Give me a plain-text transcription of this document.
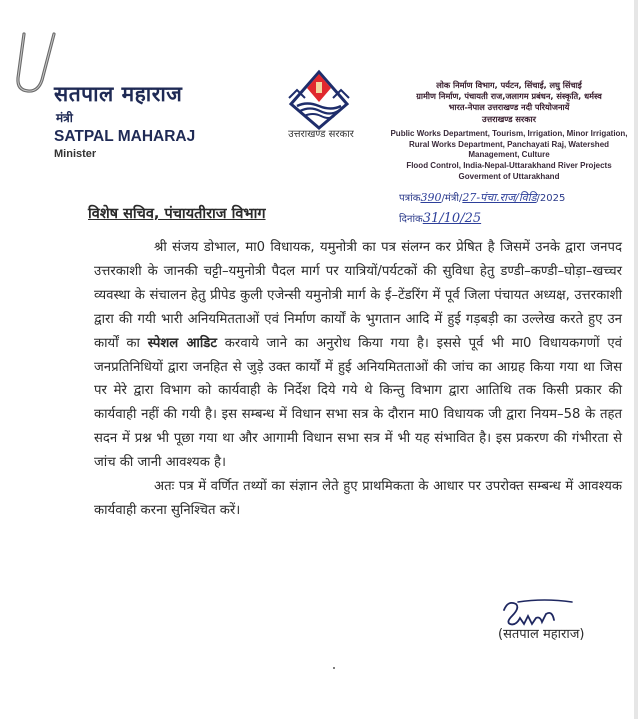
सतपाल महाराज
मंत्री
SATPAL MAHARAJ
Minister
उत्तराखण्ड सरकार
लोक निर्माण विभाग, पर्यटन, सिंचाई, लघु सिंचाई
ग्रामीण निर्माण, पंचायती राज,जलागम प्रबंधन, संस्कृति, धर्मस्व
भारत-नेपाल उत्तराखण्ड नदी परियोजनायें
उत्तराखण्ड सरकार
Public Works Department, Tourism, Irrigation, Minor Irrigation,
Rural Works Department, Panchayati Raj, Watershed Management, Culture
Flood Control, India-Nepal-Uttarakhand River Projects
Goverment of Uttarakhand
पत्रांक390/मंत्री/27-पंचा.राज/विडि/2025
दिनांक31/10/25
विशेष सचिव, पंचायतीराज विभाग

श्री संजय डोभाल, मा0 विधायक, यमुनोत्री का पत्र संलग्न कर प्रेषित है जिसमें उनके द्वारा जनपद उत्तरकाशी के जानकी चट्टी–यमुनोत्री पैदल मार्ग पर यात्रियों/पर्यटकों की सुविधा हेतु डण्डी–कण्डी–घोड़ा–खच्चर व्यवस्था के संचालन हेतु प्रीपेड कुली एजेन्सी यमुनोत्री मार्ग के ई–टेंडरिंग में पूर्व जिला पंचायत अध्यक्ष, उत्तरकाशी द्वारा की गयी भारी अनियमितताओं एवं निर्माण कार्यों के भुगतान आदि में हुई गड़बड़ी का उल्लेख करते हुए उन कार्यों का स्पेशल आडिट करवाये जाने का अनुरोध किया गया है। इससे पूर्व भी मा0 विधायकगणों एवं जनप्रतिनिधियों द्वारा जनहित से जुड़े उक्त कार्यों में हुई अनियमितताओं की जांच का आग्रह किया गया था जिस पर मेरे द्वारा विभाग को कार्यवाही के निर्देश दिये गये थे किन्तु विभाग द्वारा आतिथि तक किसी प्रकार की कार्यवाही नहीं की गयी है। इस सम्बन्ध में विधान सभा सत्र के दौरान मा0 विधायक जी द्वारा नियम–58 के तहत सदन में प्रश्न भी पूछा गया था और आगामी विधान सभा सत्र में भी यह संभावित है। इस प्रकरण की गंभीरता से जांच की जानी आवश्यक है।

अतः पत्र में वर्णित तथ्यों का संज्ञान लेते हुए प्राथमिकता के आधार पर उपरोक्त सम्बन्ध में आवश्यक कार्यवाही करना सुनिश्चित करें।

(सतपाल महाराज)
